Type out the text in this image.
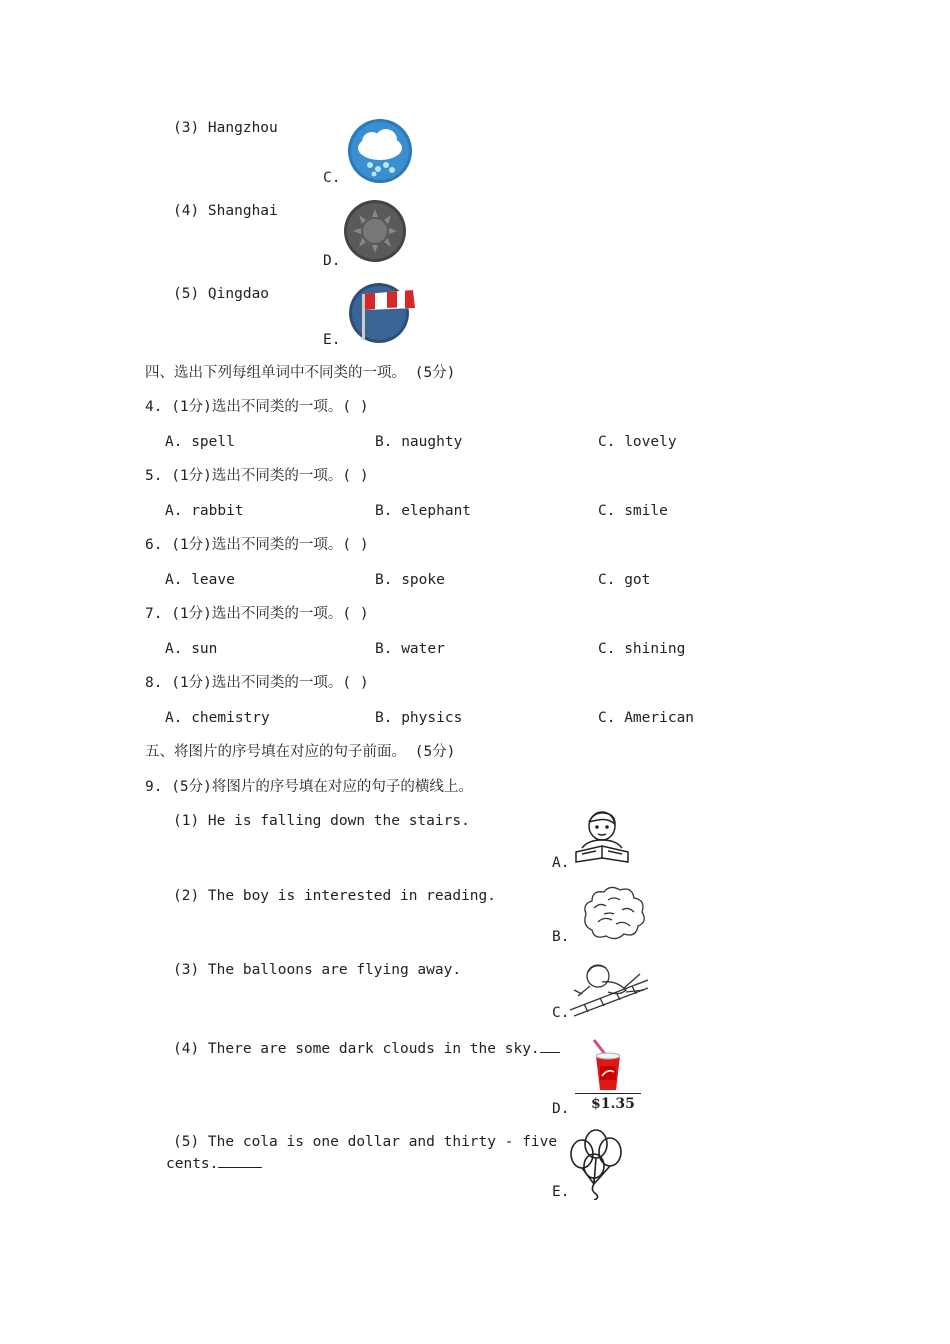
(3) Hangzhou
C.
(4) Shanghai
D.
(5) Qingdao
E.
四、选出下列每组单词中不同类的一项。 (5分)
4. (1分)选出不同类的一项。( )
A. spell	B. naughty	C. lovely
5. (1分)选出不同类的一项。( )
A. rabbit	B. elephant	C. smile
6. (1分)选出不同类的一项。( )
A. leave	B. spoke	C. got
7. (1分)选出不同类的一项。( )
A. sun	B. water	C. shining
8. (1分)选出不同类的一项。( )
A. chemistry	B. physics	C. American
五、将图片的序号填在对应的句子前面。 (5分)
9. (5分)将图片的序号填在对应的句子的横线上。
(1) He is falling down the stairs.
A.
(2) The boy is interested in reading.
B.
(3) The balloons are flying away.
C.
(4) There are some dark clouds in the sky.
D. $1.35
(5) The cola is one dollar and thirty - five
cents.
E.
